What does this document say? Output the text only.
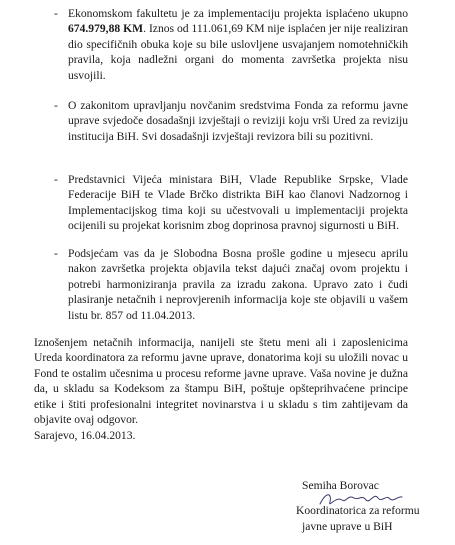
- Ekonomskom fakultetu je za implementaciju projekta isplaćeno ukupno 674.979,88 KM. Iznos od 111.061,69 KM nije isplaćen jer nije realiziran dio specifičnih obuka koje su bile uslovljene usvajanjem nomotehničkih pravila, koja nadležni organi do momenta završetka projekta nisu usvojili.
- O zakonitom upravljanju novčanim sredstvima Fonda za reformu javne uprave svjedoče dosadašnji izvještaji o reviziji koju vrši Ured za reviziju institucija BiH. Svi dosadašnji izvještaji revizora bili su pozitivni.
- Predstavnici Vijeća ministara BiH, Vlade Republike Srpske, Vlade Federacije BiH te Vlade Brčko distrikta BiH kao članovi Nadzornog i Implementacijskog tima koji su učestvovali u implementaciji projekta ocijenili su projekat korisnim zbog doprinosa pravnoj sigurnosti u BiH.
- Podsjećam vas da je Slobodna Bosna prošle godine u mjesecu aprilu nakon završetka projekta objavila tekst dajući značaj ovom projektu i potrebi harmoniziranja pravila za izradu zakona. Upravo zato i čudi plasiranje netačnih i neprovjerenih informacija koje ste objavili u vašem listu br. 857 od 11.04.2013.
Iznošenjem netačnih informacija, nanijeli ste štetu meni ali i zaposlenicima Ureda koordinatora za reformu javne uprave, donatorima koji su uložili novac u Fond te ostalim učesnima u procesu reforme javne uprave. Vaša novine je dužna da, u skladu sa Kodeksom za štampu BiH, poštuje opšteprihvaćene principe etike i štiti profesionalni integritet novinarstva i u skladu s tim zahtijevam da objavite ovaj odgovor.
Sarajevo, 16.04.2013.
Semiha Borovac
Koordinatorica za reformu
javne uprave u BiH
